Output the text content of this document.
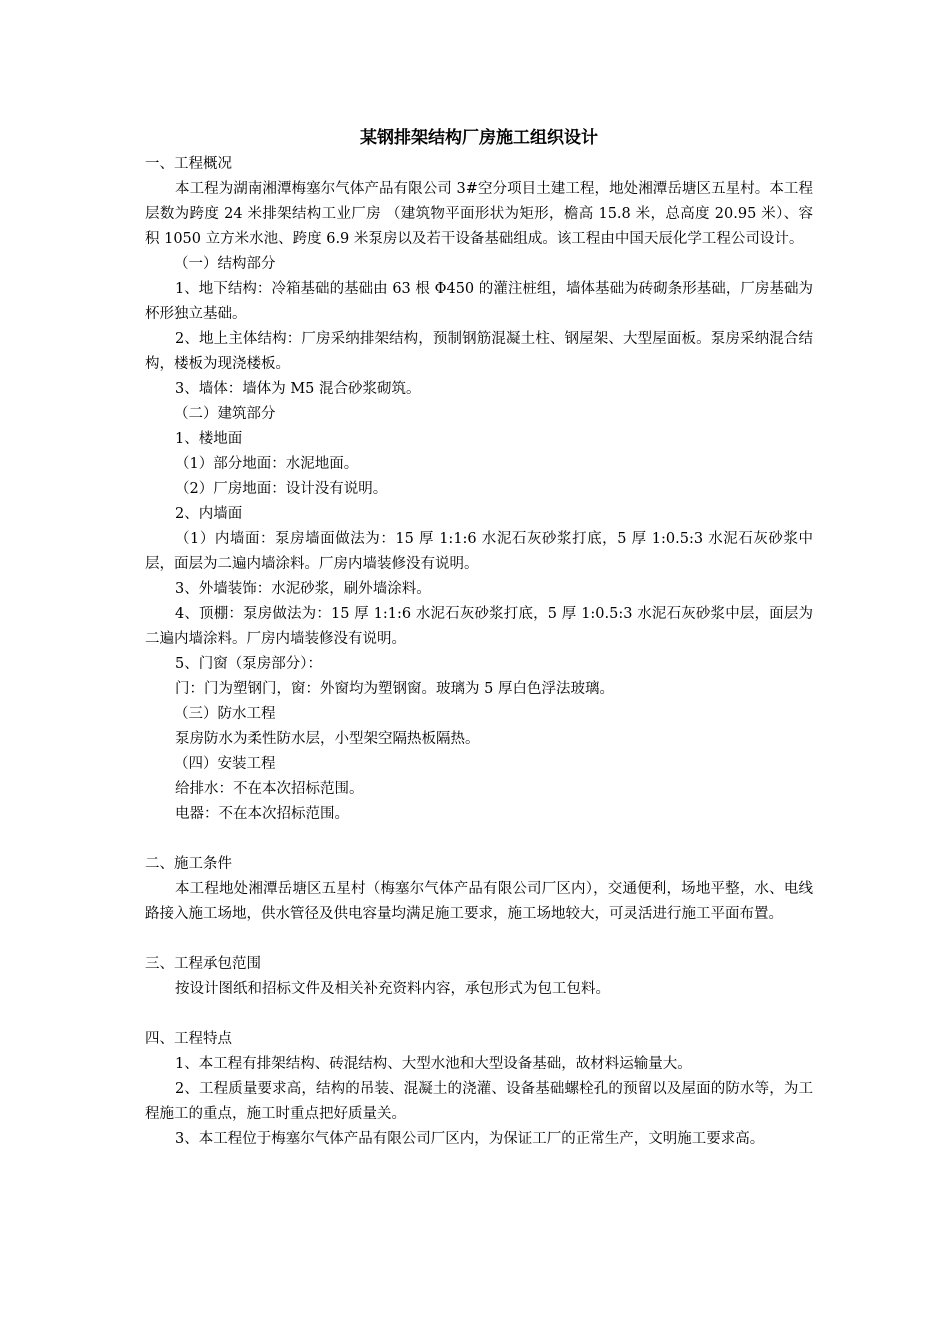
某钢排架结构厂房施工组织设计

一、工程概况

本工程为湖南湘潭梅塞尔气体产品有限公司 3#空分项目土建工程，地处湘潭岳塘区五星村。本工程层数为跨度 24 米排架结构工业厂房 （建筑物平面形状为矩形，檐高 15.8 米，总高度 20.95 米）、容积 1050 立方米水池、跨度 6.9 米泵房以及若干设备基础组成。该工程由中国天辰化学工程公司设计。

（一）结构部分

1、地下结构：冷箱基础的基础由 63 根 Φ450 的灌注桩组，墙体基础为砖砌条形基础，厂房基础为杯形独立基础。

2、地上主体结构：厂房采纳排架结构，预制钢筋混凝土柱、钢屋架、大型屋面板。泵房采纳混合结构，楼板为现浇楼板。

3、墙体：墙体为 M5 混合砂浆砌筑。

（二）建筑部分

1、楼地面

（1）部分地面：水泥地面。

（2）厂房地面：设计没有说明。

2、内墙面

（1）内墙面：泵房墙面做法为：15 厚 1:1:6 水泥石灰砂浆打底，5 厚 1:0.5:3 水泥石灰砂浆中层，面层为二遍内墙涂料。厂房内墙装修没有说明。

3、外墙装饰：水泥砂浆，刷外墙涂料。

4、顶棚：泵房做法为：15 厚 1:1:6 水泥石灰砂浆打底，5 厚 1:0.5:3 水泥石灰砂浆中层，面层为二遍内墙涂料。厂房内墙装修没有说明。

5、门窗（泵房部分）：

门：门为塑钢门，窗：外窗均为塑钢窗。玻璃为 5 厚白色浮法玻璃。

（三）防水工程

泵房防水为柔性防水层，小型架空隔热板隔热。

（四）安装工程

给排水：不在本次招标范围。

电器：不在本次招标范围。

二、施工条件

本工程地处湘潭岳塘区五星村（梅塞尔气体产品有限公司厂区内），交通便利，场地平整，水、电线路接入施工场地，供水管径及供电容量均满足施工要求，施工场地较大，可灵活进行施工平面布置。

三、工程承包范围

按设计图纸和招标文件及相关补充资料内容，承包形式为包工包料。

四、工程特点

1、本工程有排架结构、砖混结构、大型水池和大型设备基础，故材料运输量大。

2、工程质量要求高，结构的吊装、混凝土的浇灌、设备基础螺栓孔的预留以及屋面的防水等，为工程施工的重点，施工时重点把好质量关。

3、本工程位于梅塞尔气体产品有限公司厂区内，为保证工厂的正常生产，文明施工要求高。
